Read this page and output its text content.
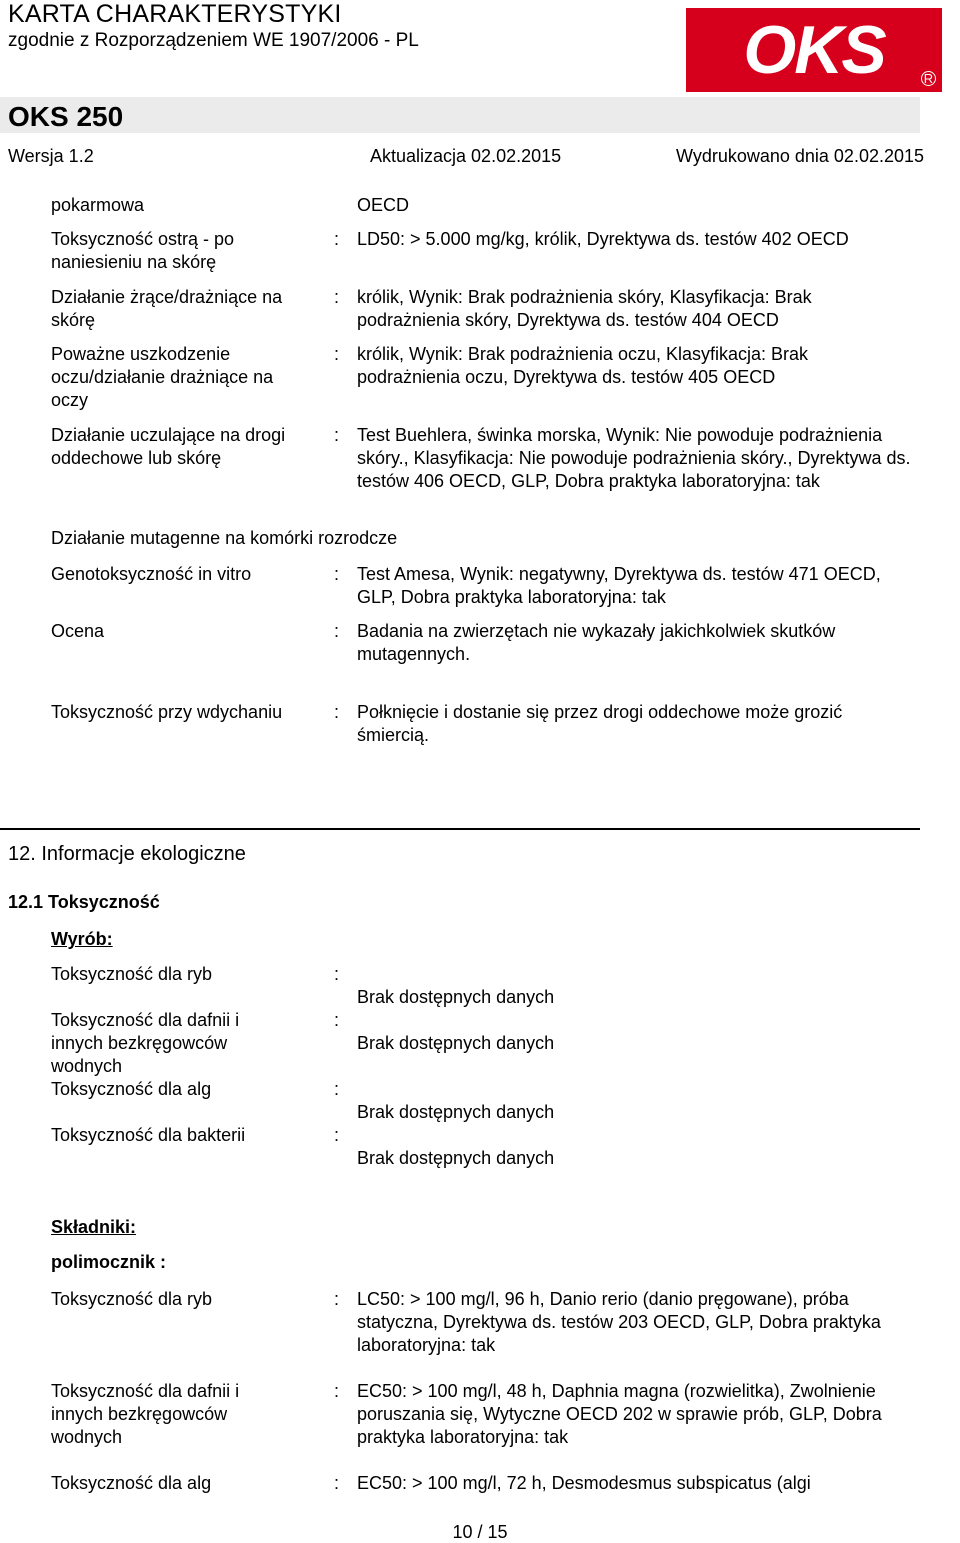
KARTA CHARAKTERYSTYKI
zgodnie z Rozporządzeniem WE 1907/2006 - PL	OKS	R
OKS 250
Wersja 1.2	Aktualizacja 02.02.2015	Wydrukowano dnia 02.02.2015
pokarmowa	OECD
Toksyczność ostrą - po naniesieniu na skórę
: LD50: > 5.000 mg/kg, królik, Dyrektywa ds. testów 402 OECD
Działanie żrące/drażniące na skórę
: królik, Wynik: Brak podrażnienia skóry, Klasyfikacja: Brak podrażnienia skóry, Dyrektywa ds. testów 404 OECD
Poważne uszkodzenie oczu/działanie drażniące na oczy
: królik, Wynik: Brak podrażnienia oczu, Klasyfikacja: Brak podrażnienia oczu, Dyrektywa ds. testów 405 OECD
Działanie uczulające na drogi oddechowe lub skórę
: Test Buehlera, świnka morska, Wynik: Nie powoduje podrażnienia skóry., Klasyfikacja: Nie powoduje podrażnienia skóry., Dyrektywa ds. testów 406 OECD, GLP, Dobra praktyka laboratoryjna: tak
Działanie mutagenne na komórki rozrodcze
Genotoksyczność in vitro	: Test Amesa, Wynik: negatywny, Dyrektywa ds. testów 471 OECD, GLP, Dobra praktyka laboratoryjna: tak
Ocena	: Badania na zwierzętach nie wykazały jakichkolwiek skutków mutagennych.
Toksyczność przy wdychaniu	: Połknięcie i dostanie się przez drogi oddechowe może grozić śmiercią.
12. Informacje ekologiczne
12.1 Toksyczność
Wyrób:
Toksyczność dla ryb	:
Brak dostępnych danych
Toksyczność dla dafnii i innych bezkręgowców wodnych
:
Brak dostępnych danych
Toksyczność dla alg	:
Brak dostępnych danych
Toksyczność dla bakterii	:
Brak dostępnych danych
Składniki:
polimocznik :
Toksyczność dla ryb	: LC50: > 100 mg/l, 96 h, Danio rerio (danio pręgowane), próba statyczna, Dyrektywa ds. testów 203 OECD, GLP, Dobra praktyka laboratoryjna: tak
Toksyczność dla dafnii i innych bezkręgowców wodnych
: EC50: > 100 mg/l, 48 h, Daphnia magna (rozwielitka), Zwolnienie poruszania się, Wytyczne OECD 202 w sprawie prób, GLP, Dobra praktyka laboratoryjna: tak
Toksyczność dla alg	: EC50: > 100 mg/l, 72 h, Desmodesmus subspicatus (algi
10 / 15
